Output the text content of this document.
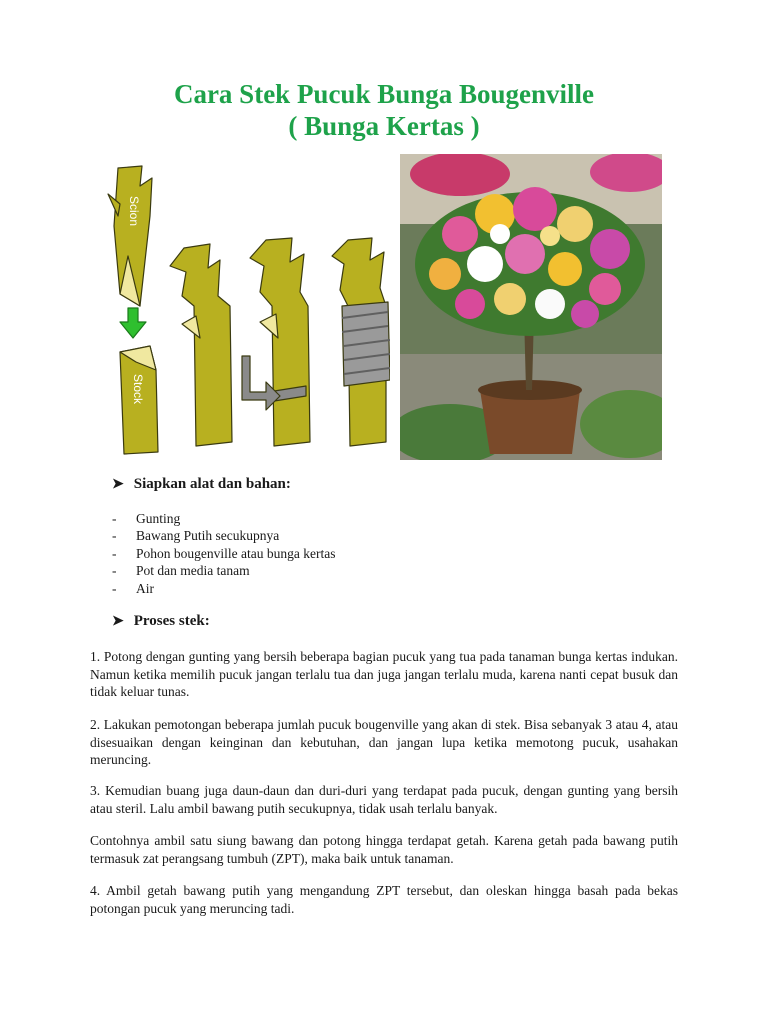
Cara Stek Pucuk Bunga Bougenville
( Bunga Kertas )
Scion
Stock
➤ Siapkan alat dan bahan:
-	Gunting
-	Bawang Putih secukupnya
-	Pohon bougenville atau bunga kertas
-	Pot dan media tanam
-	Air
➤ Proses stek:

1. Potong dengan gunting yang bersih beberapa bagian pucuk yang tua pada tanaman bunga kertas indukan. Namun ketika memilih pucuk jangan terlalu tua dan juga jangan terlalu muda, karena nanti cepat busuk dan tidak keluar tunas.

2. Lakukan pemotongan beberapa jumlah pucuk bougenville yang akan di stek. Bisa sebanyak 3 atau 4, atau disesuaikan dengan keinginan dan kebutuhan, dan jangan lupa ketika memotong pucuk, usahakan meruncing.

3. Kemudian buang juga daun-daun dan duri-duri yang terdapat pada pucuk, dengan gunting yang bersih atau steril. Lalu ambil bawang putih secukupnya, tidak usah terlalu banyak.

Contohnya ambil satu siung bawang dan potong hingga terdapat getah. Karena getah pada bawang putih termasuk zat perangsang tumbuh (ZPT), maka baik untuk tanaman.

4. Ambil getah bawang putih yang mengandung ZPT tersebut, dan oleskan hingga basah pada bekas potongan pucuk yang meruncing tadi.
